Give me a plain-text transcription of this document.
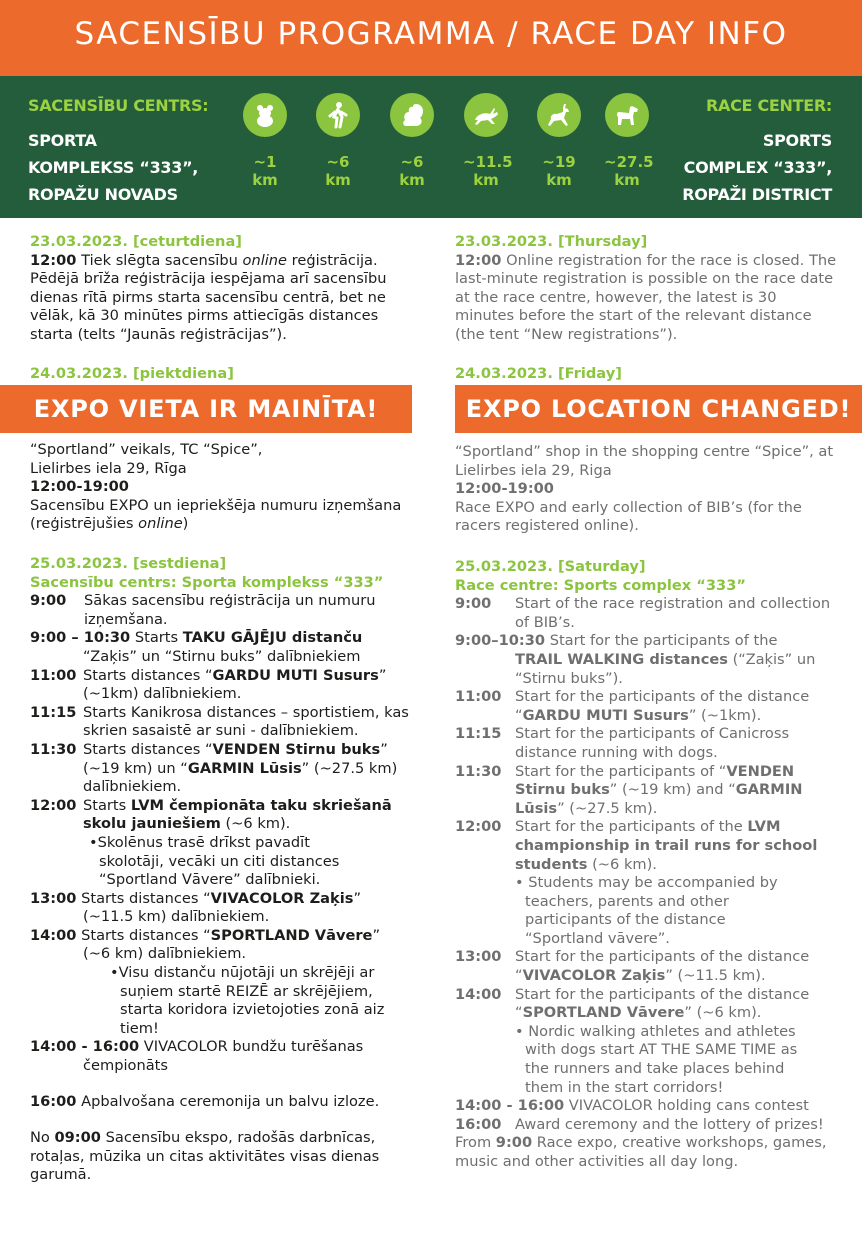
SACENSĪBU PROGRAMMA / RACE DAY INFO
SACENSĪBU CENTRS:
SPORTA
KOMPLEKSS “333”,
ROPAŽU NOVADS
~1
km
~6
km
~6
km
~11.5
km
~19
km
~27.5
km
RACE CENTER:
SPORTS
COMPLEX “333”,
ROPAŽI DISTRICT
23.03.2023. [ceturtdiena]

12:00 Tiek slēgta sacensību online reģistrācija. Pēdējā brīža reģistrācija iespējama arī sacensību dienas rītā pirms starta sacensību centrā, bet ne vēlāk, kā 30 minūtes pirms attiecīgās distances starta (telts “Jaunās reģistrācijas”).

24.03.2023. [piektdiena]
23.03.2023. [Thursday]

12:00 Online registration for the race is closed. The last-minute registration is possible on the race date at the race centre, however, the latest is 30 minutes before the start of the relevant distance (the tent “New registrations”).

24.03.2023. [Friday]
EXPO VIETA IR MAINĪTA!	EXPO LOCATION CHANGED!
“Sportland” veikals, TC “Spice”,
Lielirbes iela 29, Rīga
12:00-19:00

Sacensību EXPO un iepriekšēja numuru izņemšana (reģistrējušies online)

25.03.2023. [sestdiena]
Sacensību centrs: Sporta komplekss “333”
9:00	Sākas sacensību reģistrācija un numuru izņemšana.
9:00 – 10:30 Starts TAKU GĀJĒJU distanču
“Zaķis” un “Stirnu buks” dalībniekiem
11:00 Starts distances “GARDU MUTI Susurs” (~1km) dalībniekiem.
11:15 Starts Kanikrosa distances – sportistiem, kas skrien sasaistē ar suni - dalībniekiem.
11:30 Starts distances “VENDEN Stirnu buks” (~19 km) un “GARMIN Lūsis” (~27.5 km) dalībniekiem.
12:00 Starts LVM čempionāta taku skriešanā skolu jauniešiem (~6 km).
•Skolēnus trasē drīkst pavadīt skolotāji, vecāki un citi distances “Sportland Vāvere” dalībnieki.
13:00 Starts distances “VIVACOLOR Zaķis”
(~11.5 km) dalībniekiem.
14:00 Starts distances “SPORTLAND Vāvere”
(~6 km) dalībniekiem.
•Visu distanču nūjotāji un skrējēji ar suņiem startē REIZĒ ar skrējējiem, starta koridora izvietojoties zonā aiz tiem!
14:00 - 16:00 VIVACOLOR bundžu turēšanas
čempionāts
16:00 Apbalvošana ceremonija un balvu izloze.

No 09:00 Sacensību ekspo, radošās darbnīcas, rotaļas, mūzika un citas aktivitātes visas dienas garumā.

“Sportland” shop in the shopping centre “Spice”, at Lielirbes iela 29, Riga

12:00-19:00

Race EXPO and early collection of BIB’s (for the racers registered online).

25.03.2023. [Saturday]
Race centre: Sports complex “333”
9:00	Start of the race registration and collection of BIB’s.
9:00–10:30 Start for the participants of the
TRAIL WALKING distances (“Zaķis” un “Stirnu buks”).
11:00 Start for the participants of the distance “GARDU MUTI Susurs” (~1km).
11:15 Start for the participants of Canicross distance running with dogs.
11:30 Start for the participants of “VENDEN Stirnu buks” (~19 km) and “GARMIN Lūsis” (~27.5 km).
12:00 Start for the participants of the LVM championship in trail runs for school students (~6 km).
• Students may be accompanied by teachers, parents and other participants of the distance “Sportland vāvere”.
13:00 Start for the participants of the distance “VIVACOLOR Zaķis” (~11.5 km).
14:00 Start for the participants of the distance “SPORTLAND Vāvere” (~6 km).
• Nordic walking athletes and athletes with dogs start AT THE SAME TIME as the runners and take places behind them in the start corridors!
14:00 - 16:00 VIVACOLOR holding cans contest
16:00 Award ceremony and the lottery of prizes!

From 9:00 Race expo, creative workshops, games, music and other activities all day long.
